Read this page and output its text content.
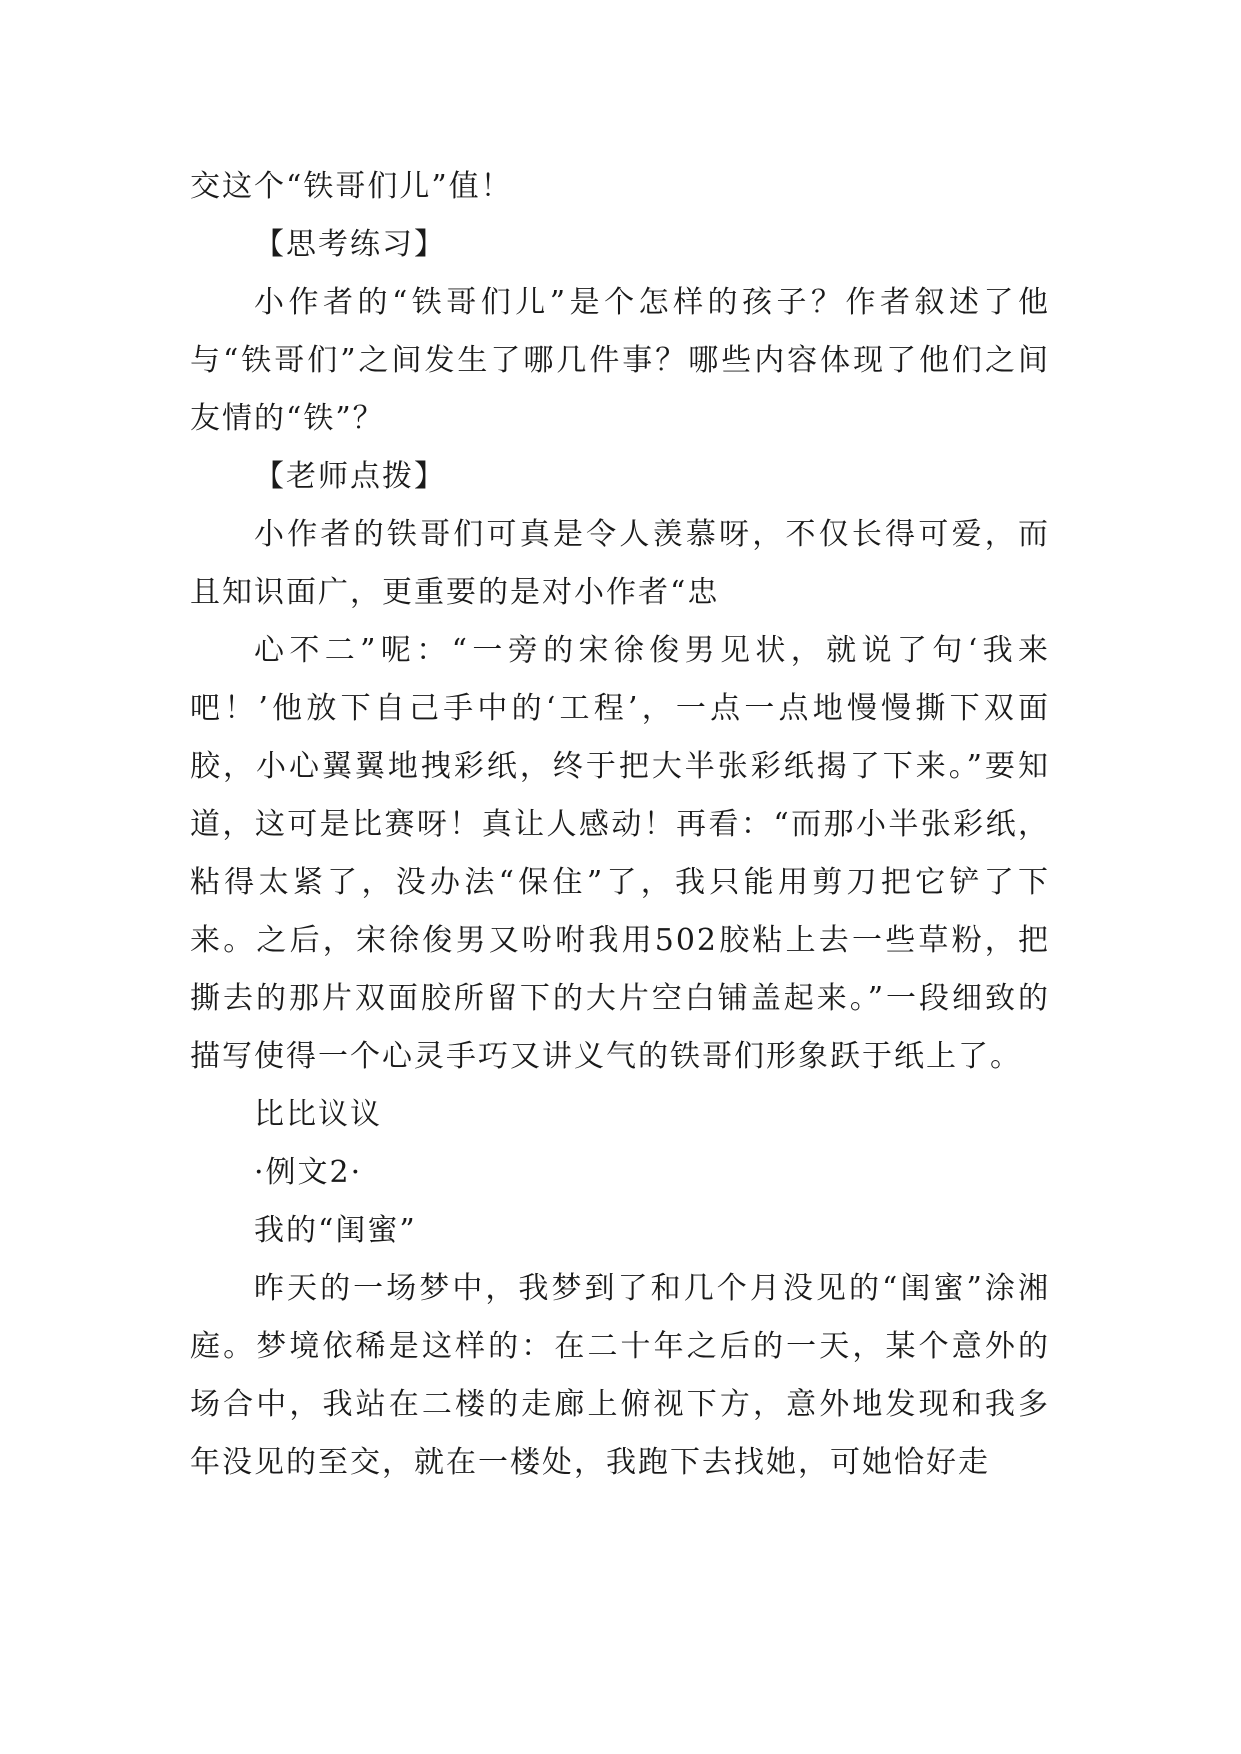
交这个“铁哥们儿”值！

【思考练习】

小作者的“铁哥们儿”是个怎样的孩子？作者叙述了他与“铁哥们”之间发生了哪几件事？哪些内容体现了他们之间友情的“铁”？

【老师点拨】

小作者的铁哥们可真是令人羡慕呀，不仅长得可爱，而且知识面广，更重要的是对小作者“忠

心不二”呢：“一旁的宋徐俊男见状，就说了句‘我来吧！’他放下自己手中的‘工程’，一点一点地慢慢撕下双面胶，小心翼翼地拽彩纸，终于把大半张彩纸揭了下来。”要知道，这可是比赛呀！真让人感动！再看：“而那小半张彩纸，粘得太紧了，没办法“保住”了，我只能用剪刀把它铲了下来。之后，宋徐俊男又吩咐我用502胶粘上去一些草粉，把撕去的那片双面胶所留下的大片空白铺盖起来。”一段细致的描写使得一个心灵手巧又讲义气的铁哥们形象跃于纸上了。

比比议议

·例文2·

我的“闺蜜”

昨天的一场梦中，我梦到了和几个月没见的“闺蜜”涂湘庭。梦境依稀是这样的：在二十年之后的一天，某个意外的场合中，我站在二楼的走廊上俯视下方，意外地发现和我多年没见的至交，就在一楼处，我跑下去找她，可她恰好走
